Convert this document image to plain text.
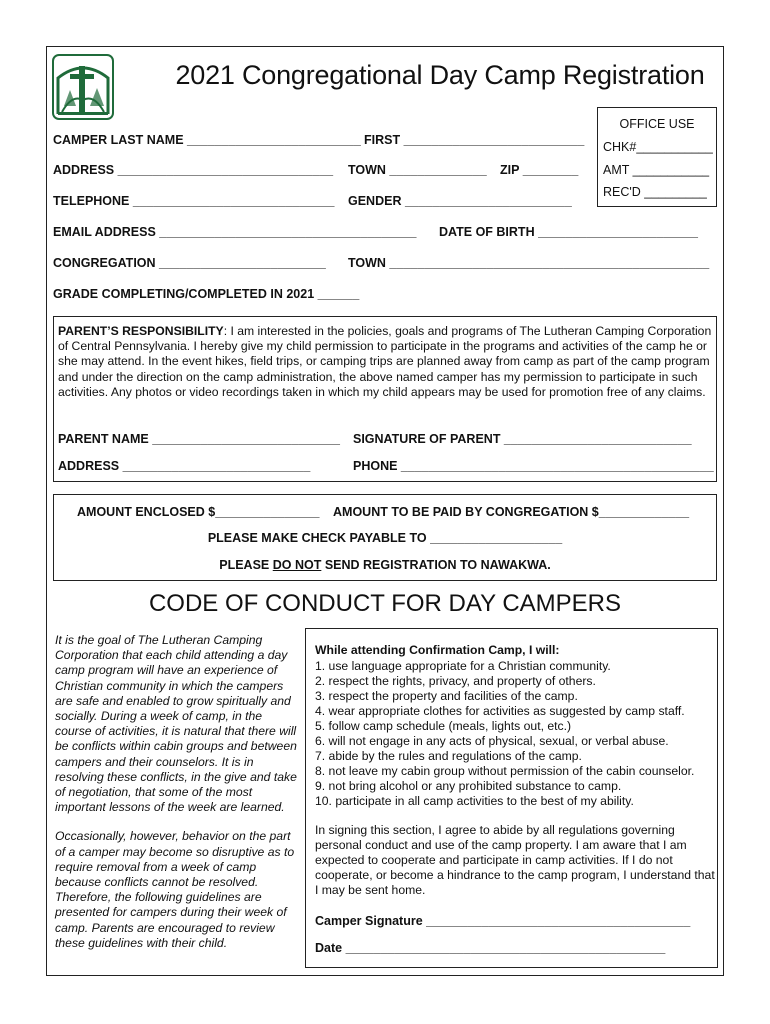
2021 Congregational Day Camp Registration
OFFICE USE
CHK#___________
AMT ___________
REC'D _________
CAMPER LAST NAME _________________________ FIRST __________________________
ADDRESS _______________________________ TOWN ______________ ZIP ________
TELEPHONE _____________________________ GENDER ________________________
EMAIL ADDRESS _____________________________________ DATE OF BIRTH _______________________
CONGREGATION ________________________ TOWN ______________________________________________
GRADE COMPLETING/COMPLETED IN 2021 ______
PARENT’S RESPONSIBILITY: I am interested in the policies, goals and programs of The Lutheran Camping Corporation of Central Pennsylvania. I hereby give my child permission to participate in the programs and activities of the camp he or she may attend. In the event hikes, field trips, or camping trips are planned away from camp as part of the camp program and under the direction on the camp administration, the above named camper has my permission to participate in such activities. Any photos or video recordings taken in which my child appears may be used for promotion free of any claims.
PARENT NAME ___________________________ SIGNATURE OF PARENT ___________________________
ADDRESS ___________________________	PHONE _____________________________________________
AMOUNT ENCLOSED $_______________ AMOUNT TO BE PAID BY CONGREGATION $_____________
PLEASE MAKE CHECK PAYABLE TO ___________________
PLEASE DO NOT SEND REGISTRATION TO NAWAKWA.
CODE OF CONDUCT FOR DAY CAMPERS

It is the goal of The Lutheran Camping Corporation that each child attending a day camp program will have an experience of Christian community in which the campers are safe and enabled to grow spiritually and socially. During a week of camp, in the course of activities, it is natural that there will be conflicts within cabin groups and between campers and their counselors. It is in resolving these conflicts, in the give and take of negotiation, that some of the most important lessons of the week are learned.

Occasionally, however, behavior on the part of a camper may become so disruptive as to require removal from a week of camp because conflicts cannot be resolved. Therefore, the following guidelines are presented for campers during their week of camp. Parents are encouraged to review these guidelines with their child.

While attending Confirmation Camp, I will:
1. use language appropriate for a Christian community.
2. respect the rights, privacy, and property of others.
3. respect the property and facilities of the camp.
4. wear appropriate clothes for activities as suggested by camp staff.
5. follow camp schedule (meals, lights out, etc.)
6. will not engage in any acts of physical, sexual, or verbal abuse.
7. abide by the rules and regulations of the camp.
8. not leave my cabin group without permission of the cabin counselor.
9. not bring alcohol or any prohibited substance to camp.
10. participate in all camp activities to the best of my ability.
In signing this section, I agree to abide by all regulations governing personal conduct and use of the camp property. I am aware that I am expected to cooperate and participate in camp activities. If I do not cooperate, or become a hindrance to the camp program, I understand that I may be sent home.
Camper Signature ______________________________________
Date ______________________________________________
